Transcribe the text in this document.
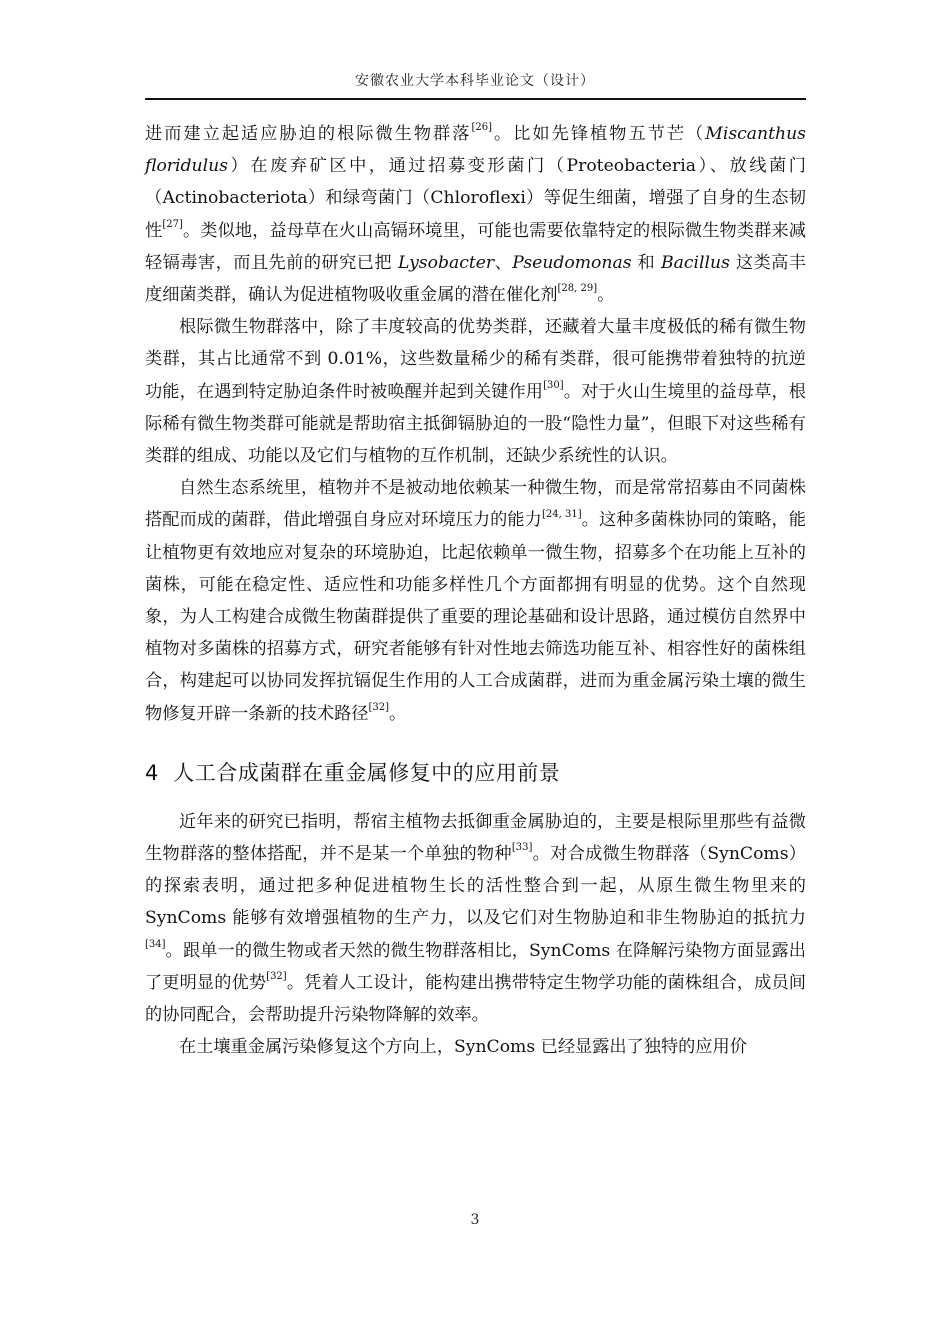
安徽农业大学本科毕业论文（设计）

进而建立起适应胁迫的根际微生物群落[26]。比如先锋植物五节芒（Miscanthus floridulus）在废弃矿区中，通过招募变形菌门（Proteobacteria）、放线菌门（Actinobacteriota）和绿弯菌门（Chloroflexi）等促生细菌，增强了自身的生态韧性[27]。类似地，益母草在火山高镉环境里，可能也需要依靠特定的根际微生物类群来减轻镉毒害，而且先前的研究已把 Lysobacter、Pseudomonas 和 Bacillus 这类高丰度细菌类群，确认为促进植物吸收重金属的潜在催化剂[28, 29]。

根际微生物群落中，除了丰度较高的优势类群，还藏着大量丰度极低的稀有微生物类群，其占比通常不到 0.01%，这些数量稀少的稀有类群，很可能携带着独特的抗逆功能，在遇到特定胁迫条件时被唤醒并起到关键作用[30]。对于火山生境里的益母草，根际稀有微生物类群可能就是帮助宿主抵御镉胁迫的一股“隐性力量”，但眼下对这些稀有类群的组成、功能以及它们与植物的互作机制，还缺少系统性的认识。

自然生态系统里，植物并不是被动地依赖某一种微生物，而是常常招募由不同菌株搭配而成的菌群，借此增强自身应对环境压力的能力[24, 31]。这种多菌株协同的策略，能让植物更有效地应对复杂的环境胁迫，比起依赖单一微生物，招募多个在功能上互补的菌株，可能在稳定性、适应性和功能多样性几个方面都拥有明显的优势。这个自然现象，为人工构建合成微生物菌群提供了重要的理论基础和设计思路，通过模仿自然界中植物对多菌株的招募方式，研究者能够有针对性地去筛选功能互补、相容性好的菌株组合，构建起可以协同发挥抗镉促生作用的人工合成菌群，进而为重金属污染土壤的微生物修复开辟一条新的技术路径[32]。

4 人工合成菌群在重金属修复中的应用前景

近年来的研究已指明，帮宿主植物去抵御重金属胁迫的，主要是根际里那些有益微生物群落的整体搭配，并不是某一个单独的物种[33]。对合成微生物群落（SynComs）的探索表明，通过把多种促进植物生长的活性整合到一起，从原生微生物里来的 SynComs 能够有效增强植物的生产力，以及它们对生物胁迫和非生物胁迫的抵抗力[34]。跟单一的微生物或者天然的微生物群落相比，SynComs 在降解污染物方面显露出了更明显的优势[32]。凭着人工设计，能构建出携带特定生物学功能的菌株组合，成员间的协同配合，会帮助提升污染物降解的效率。

在土壤重金属污染修复这个方向上，SynComs 已经显露出了独特的应用价

3
